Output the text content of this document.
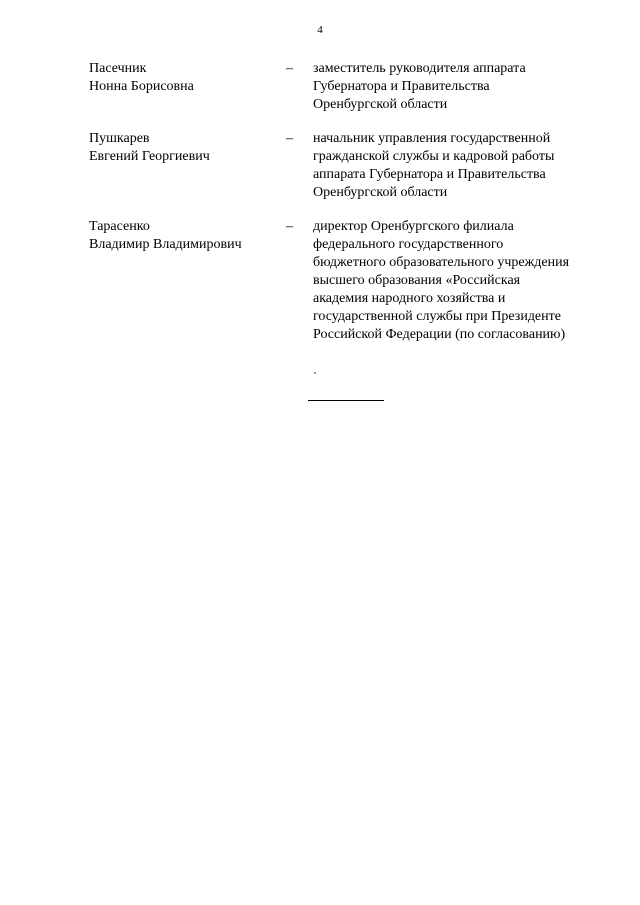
4
Пасечник
Нонна Борисовна
– заместитель руководителя аппарата
Губернатора и Правительства
Оренбургской области
Пушкарев
Евгений Георгиевич
– начальник управления государственной
гражданской службы и кадровой работы
аппарата Губернатора и Правительства
Оренбургской области
Тарасенко
Владимир Владимирович
– директор Оренбургского филиала
федерального государственного
бюджетного образовательного учреждения
высшего образования «Российская
академия народного хозяйства и
государственной службы при Президенте
Российской Федерации (по согласованию)
